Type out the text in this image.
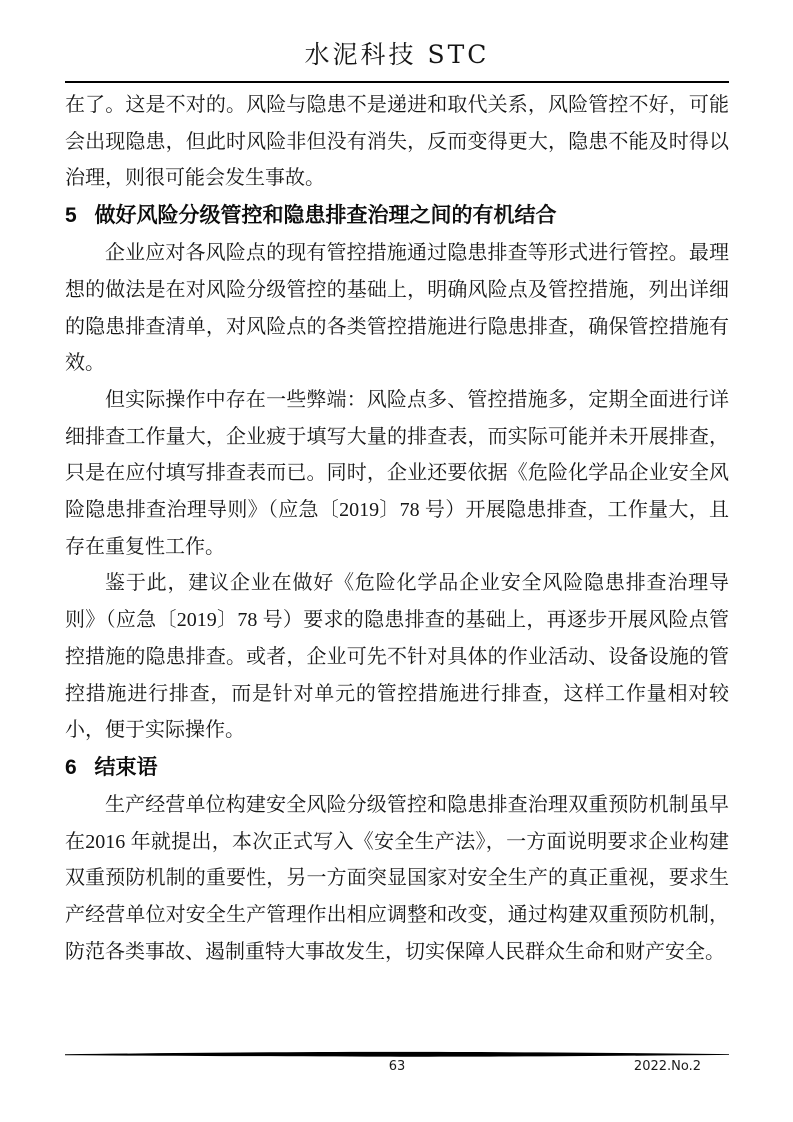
水泥科技 STC

在了。这是不对的。风险与隐患不是递进和取代关系，风险管控不好，可能会出现隐患，但此时风险非但没有消失，反而变得更大，隐患不能及时得以治理，则很可能会发生事故。

5 做好风险分级管控和隐患排查治理之间的有机结合

企业应对各风险点的现有管控措施通过隐患排查等形式进行管控。最理想的做法是在对风险分级管控的基础上，明确风险点及管控措施，列出详细的隐患排查清单，对风险点的各类管控措施进行隐患排查，确保管控措施有效。

但实际操作中存在一些弊端：风险点多、管控措施多，定期全面进行详细排查工作量大，企业疲于填写大量的排查表，而实际可能并未开展排查，只是在应付填写排查表而已。同时，企业还要依据《危险化学品企业安全风险隐患排查治理导则》（应急〔2019〕78 号）开展隐患排查，工作量大，且存在重复性工作。

鉴于此，建议企业在做好《危险化学品企业安全风险隐患排查治理导则》（应急〔2019〕78 号）要求的隐患排查的基础上，再逐步开展风险点管控措施的隐患排查。或者，企业可先不针对具体的作业活动、设备设施的管控措施进行排查，而是针对单元的管控措施进行排查，这样工作量相对较小，便于实际操作。

6 结束语

生产经营单位构建安全风险分级管控和隐患排查治理双重预防机制虽早在2016 年就提出，本次正式写入《安全生产法》，一方面说明要求企业构建双重预防机制的重要性，另一方面突显国家对安全生产的真正重视，要求生产经营单位对安全生产管理作出相应调整和改变，通过构建双重预防机制，防范各类事故、遏制重特大事故发生，切实保障人民群众生命和财产安全。

63	2022.No.2
